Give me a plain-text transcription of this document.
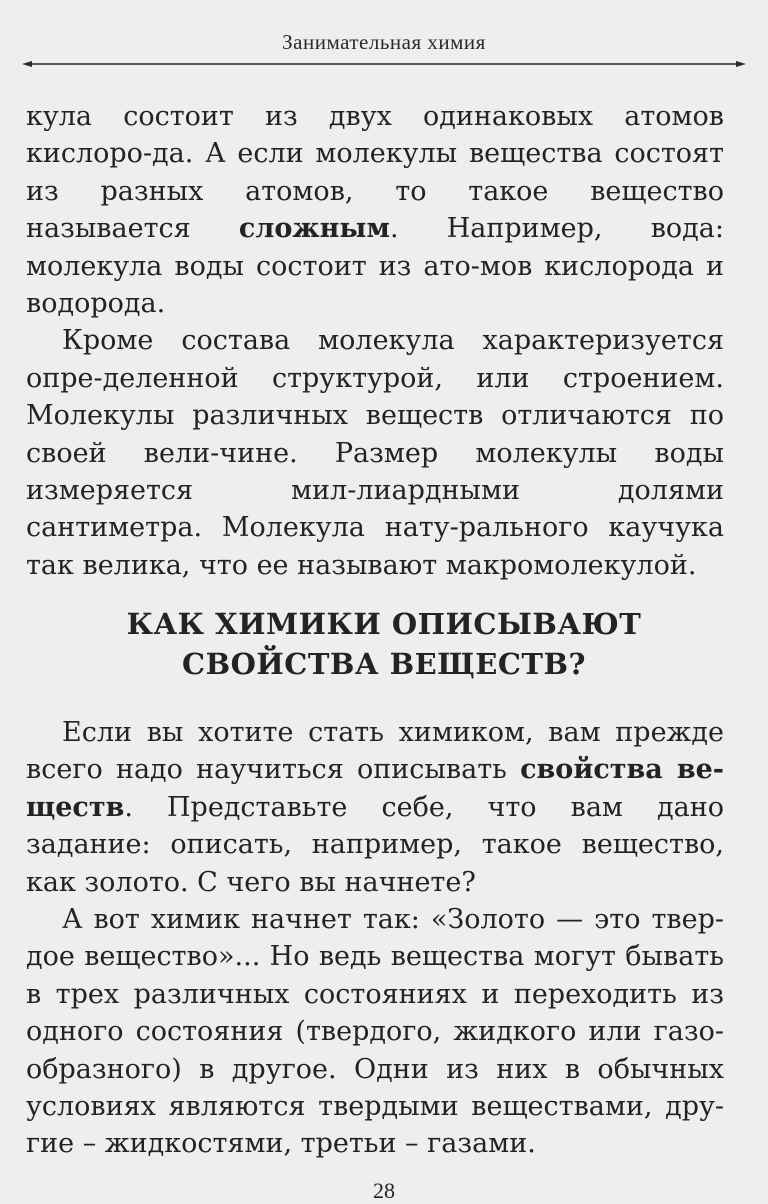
Занимательная химия

кула состоит из двух одинаковых атомов кислоро-да. А если молекулы вещества состоят из разных атомов, то такое вещество называется сложным. Например, вода: молекула воды состоит из ато-мов кислорода и водорода.

Кроме состава молекула характеризуется опре-деленной структурой, или строением. Молекулы различных веществ отличаются по своей вели-чине. Размер молекулы воды измеряется мил-лиардными долями сантиметра. Молекула нату-рального каучука так велика, что ее называют макромолекулой.

КАК ХИМИКИ ОПИСЫВАЮТ
СВОЙСТВА ВЕЩЕСТВ?

Если вы хотите стать химиком, вам прежде всего надо научиться описывать свойства ве-ществ. Представьте себе, что вам дано задание: описать, например, такое вещество, как золото. С чего вы начнете?

А вот химик начнет так: «Золото — это твер-дое вещество»... Но ведь вещества могут бывать в трех различных состояниях и переходить из одного состояния (твердого, жидкого или газо-образного) в другое. Одни из них в обычных условиях являются твердыми веществами, дру-гие – жидкостями, третьи – газами.

28
